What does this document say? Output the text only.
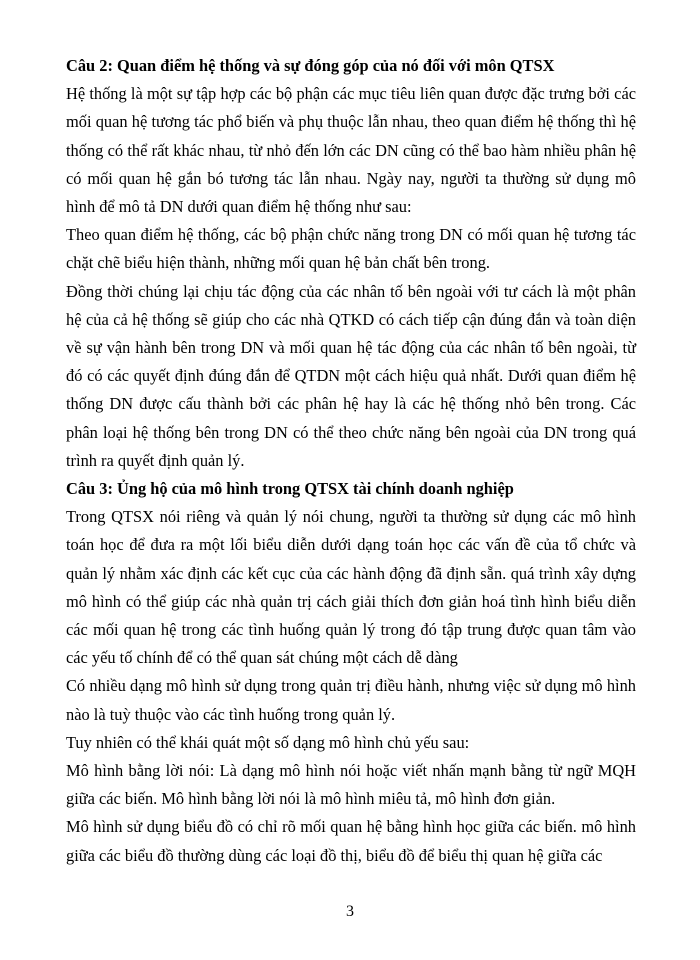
Câu 2: Quan điểm hệ thống và sự đóng góp của nó đối với môn QTSX

Hệ thống là một sự tập hợp các bộ phận các mục tiêu liên quan được đặc trưng bởi các mối quan hệ tương tác phổ biến và phụ thuộc lẫn nhau, theo quan điểm hệ thống thì hệ thống có thể rất khác nhau, từ nhỏ đến lớn các DN cũng có thể bao hàm nhiều phân hệ có mối quan hệ gắn bó tương tác lẫn nhau. Ngày nay, người ta thường sử dụng mô hình để mô tả DN dưới quan điểm hệ thống như sau:

Theo quan điểm hệ thống, các bộ phận chức năng trong DN có mối quan hệ tương tác chặt chẽ biểu hiện thành, những mối quan hệ bản chất bên trong.

Đồng thời chúng lại chịu tác động của các nhân tố bên ngoài với tư cách là một phân hệ của cả hệ thống sẽ giúp cho các nhà QTKD có cách tiếp cận đúng đắn và toàn diện về sự vận hành bên trong DN và mối quan hệ tác động của các nhân tố bên ngoài, từ đó có các quyết định đúng đắn để QTDN một cách hiệu quả nhất. Dưới quan điểm hệ thống DN được cấu thành bởi các phân hệ hay là các hệ thống nhỏ bên trong. Các phân loại hệ thống bên trong DN có thể theo chức năng bên ngoài của DN trong quá trình ra quyết định quản lý.

Câu 3: Ủng hộ của mô hình trong QTSX tài chính doanh nghiệp

Trong QTSX nói riêng và quản lý nói chung, người ta thường sử dụng các mô hình toán học để đưa ra một lối biểu diễn dưới dạng toán học các vấn đề của tổ chức và quản lý nhằm xác định các kết cục của các hành động đã định sẵn. quá trình xây dựng mô hình có thể giúp các nhà quản trị cách giải thích đơn giản hoá tình hình biểu diễn các mối quan hệ trong các tình huống quản lý trong đó tập trung được quan tâm vào các yếu tố chính để có thể quan sát chúng một cách dễ dàng

Có nhiều dạng mô hình sử dụng trong quản trị điều hành, nhưng việc sử dụng mô hình nào là tuỳ thuộc vào các tình huống trong quản lý.

Tuy nhiên có thể khái quát một số dạng mô hình chủ yếu sau:

Mô hình bằng lời nói: Là dạng mô hình nói hoặc viết nhấn mạnh bằng từ ngữ MQH giữa các biến. Mô hình bằng lời nói là mô hình miêu tả, mô hình đơn giản.

Mô hình sử dụng biểu đồ có chỉ rõ mối quan hệ bằng hình học giữa các biến. mô hình giữa các biểu đồ thường dùng các loại đồ thị, biểu đồ để biểu thị quan hệ giữa các

3
